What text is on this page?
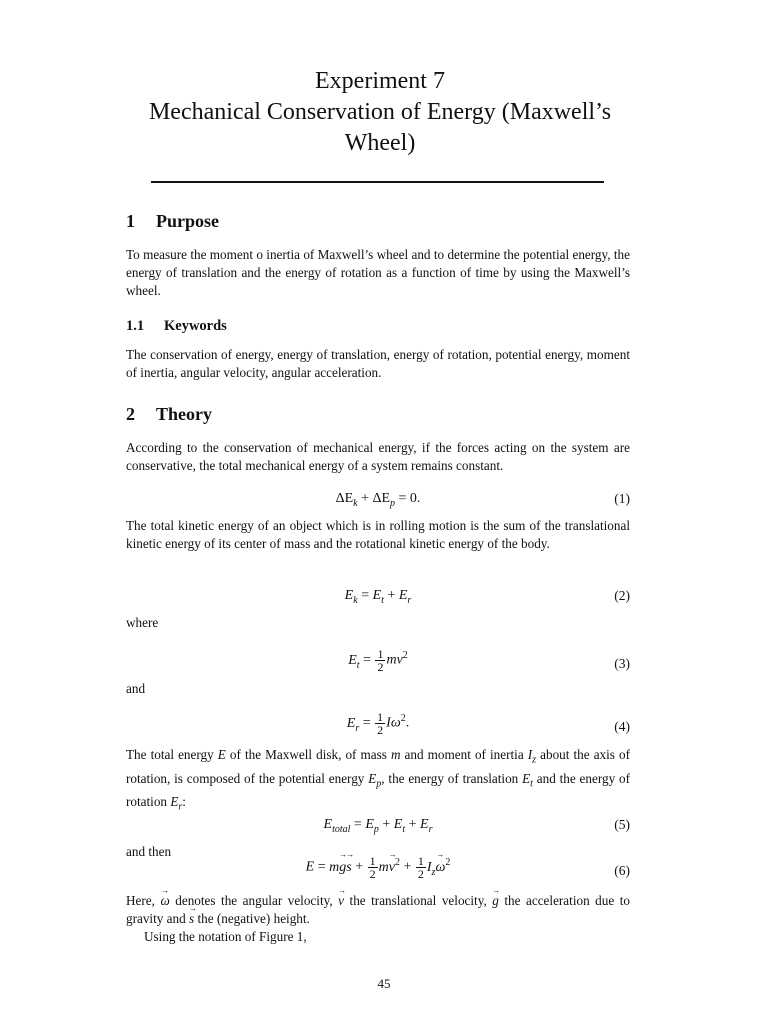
Experiment 7
Mechanical Conservation of Energy (Maxwell’s
Wheel)
1 Purpose
To measure the moment o inertia of Maxwell’s wheel and to determine the potential energy, the energy of translation and the energy of rotation as a function of time by using the Maxwell’s wheel.
1.1 Keywords
The conservation of energy, energy of translation, energy of rotation, potential energy, moment of inertia, angular velocity, angular acceleration.
2 Theory
According to the conservation of mechanical energy, if the forces acting on the system are conservative, the total mechanical energy of a system remains constant.
$\Delta E_k + \Delta E_p = 0$.	(1)
The total kinetic energy of an object which is in rolling motion is the sum of the translational kinetic energy of its center of mass and the rotational kinetic energy of the body.
$E_k = E_t + E_r$	(2)
where
$E_t = \frac{1}{2} mv^2$
(3)
and
$E_r = \frac{1}{2} I\omega^2$.	(4)
The total energy E of the Maxwell disk, of mass m and moment of inertia $I_z$ about the axis of rotation, is composed of the potential energy $E_p$, the energy of translation $E_t$ and the energy of rotation $E_r$:
$E_{total} = E_p + E_t + E_r$	(5)
and then
$E = m\to g\to s + \frac{1}{2} m\to v^2 + \frac{1}{2} I_z\to \omega^2$
(6)
Here, → ω denotes the angular velocity, → v the translational velocity, → g the acceleration due to gravity and → s the (negative) height.
Using the notation of Figure 1,
45
